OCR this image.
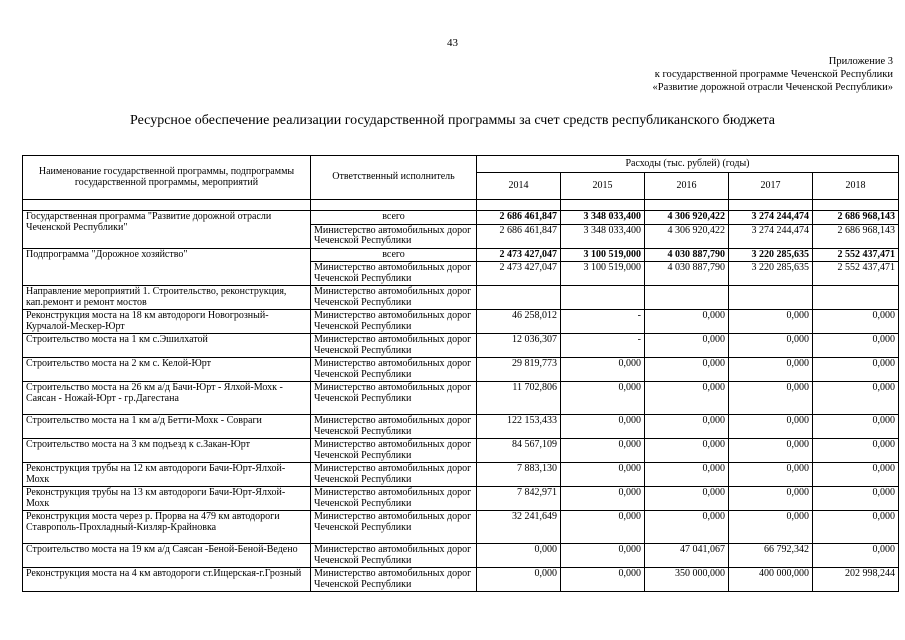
43
Приложение 3
к государственной программе Чеченской Республики
«Развитие дорожной отрасли Чеченской Республики»
Ресурсное обеспечение реализации государственной программы за счет средств республиканского бюджета
Наименование государственной программы, подпрограммы государственной программы, мероприятий	Ответственный исполнитель	Расходы (тыс. рублей) (годы)				
		2014	2015	2016	2017	2018

Государственная программа "Развитие дорожной отрасли Чеченской Республики"	всего	2 686 461,847	3 348 033,400	4 306 920,422	3 274 244,474	2 686 968,143
	Министерство автомобильных дорог Чеченской Республики	2 686 461,847	3 348 033,400	4 306 920,422	3 274 244,474	2 686 968,143
Подпрограмма "Дорожное хозяйство"	всего	2 473 427,047	3 100 519,000	4 030 887,790	3 220 285,635	2 552 437,471
	Министерство автомобильных дорог Чеченской Республики	2 473 427,047	3 100 519,000	4 030 887,790	3 220 285,635	2 552 437,471
Направление мероприятий 1. Строительство, реконструкция, кап.ремонт и ремонт мостов	Министерство автомобильных дорог Чеченской Республики					
Реконструкция моста на 18 км автодороги Новогрозный-Курчалой-Мескер-Юрт	Министерство автомобильных дорог Чеченской Республики	46 258,012	-	0,000	0,000	0,000
Строительство моста на 1 км с.Эшилхатой	Министерство автомобильных дорог Чеченской Республики	12 036,307	-	0,000	0,000	0,000
Строительство моста на 2 км с. Келой-Юрт	Министерство автомобильных дорог Чеченской Республики	29 819,773	0,000	0,000	0,000	0,000
Строительство моста на 26 км а/д Бачи-Юрт - Ялхой-Мохк - Саясан - Ножай-Юрт - гр.Дагестана	Министерство автомобильных дорог Чеченской Республики	11 702,806	0,000	0,000	0,000	0,000
Строительство моста на 1 км а/д Бетти-Мохк - Совраги	Министерство автомобильных дорог Чеченской Республики	122 153,433	0,000	0,000	0,000	0,000
Строительство моста на 3 км подъезд к с.Закан-Юрт	Министерство автомобильных дорог Чеченской Республики	84 567,109	0,000	0,000	0,000	0,000
Реконструкция трубы на 12 км автодороги Бачи-Юрт-Ялхой-Мохк	Министерство автомобильных дорог Чеченской Республики	7 883,130	0,000	0,000	0,000	0,000
Реконструкция трубы на 13 км автодороги Бачи-Юрт-Ялхой-Мохк	Министерство автомобильных дорог Чеченской Республики	7 842,971	0,000	0,000	0,000	0,000
Реконструкция моста через р. Прорва на 479 км автодороги Ставрополь-Прохладный-Кизляр-Крайновка	Министерство автомобильных дорог Чеченской Республики	32 241,649	0,000	0,000	0,000	0,000
Строительство моста на 19 км а/д Саясан -Беной-Беной-Ведено	Министерство автомобильных дорог Чеченской Республики	0,000	0,000	47 041,067	66 792,342	0,000
Реконструкция моста на 4 км автодороги ст.Ищерская-г.Грозный	Министерство автомобильных дорог Чеченской Республики	0,000	0,000	350 000,000	400 000,000	202 998,244
